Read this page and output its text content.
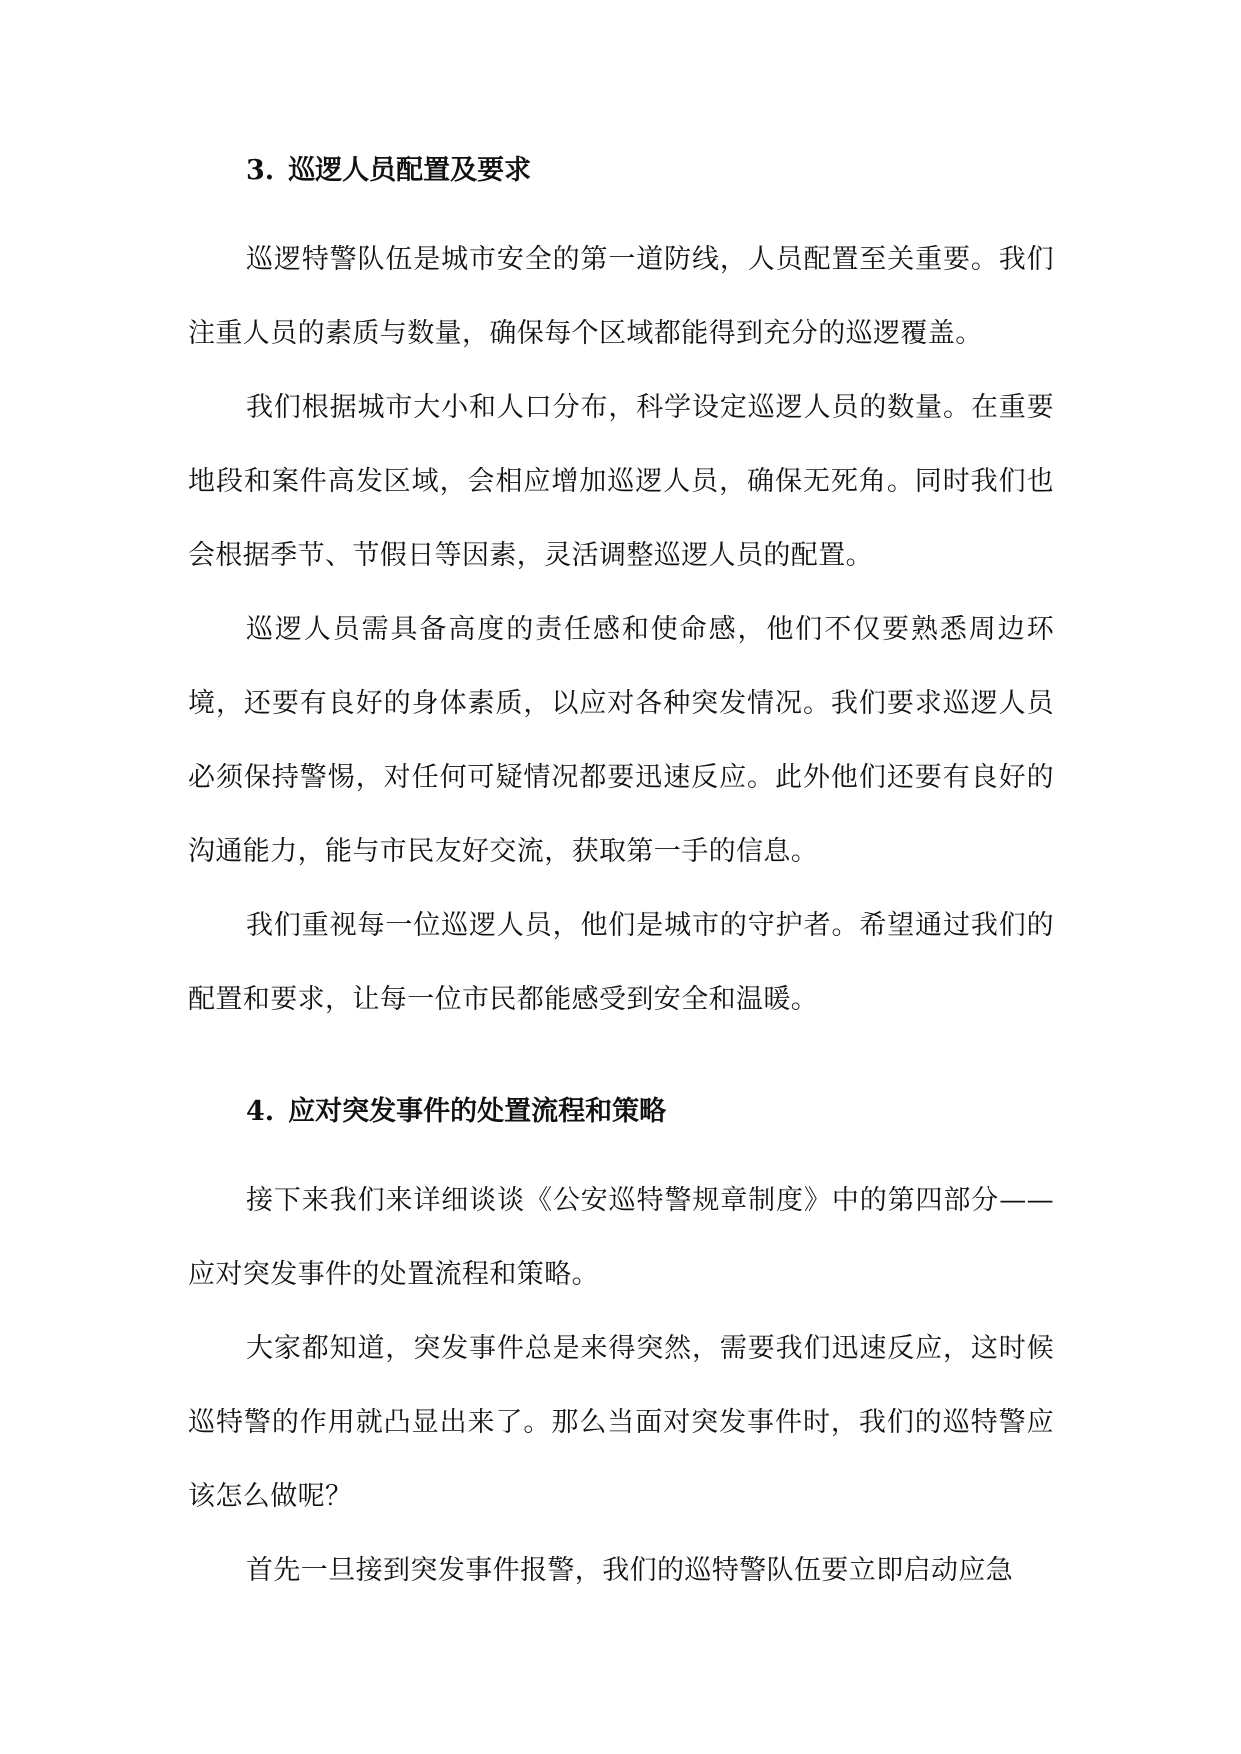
3. 巡逻人员配置及要求

巡逻特警队伍是城市安全的第一道防线，人员配置至关重要。我们注重人员的素质与数量，确保每个区域都能得到充分的巡逻覆盖。

我们根据城市大小和人口分布，科学设定巡逻人员的数量。在重要地段和案件高发区域，会相应增加巡逻人员，确保无死角。同时我们也会根据季节、节假日等因素，灵活调整巡逻人员的配置。

巡逻人员需具备高度的责任感和使命感，他们不仅要熟悉周边环境，还要有良好的身体素质，以应对各种突发情况。我们要求巡逻人员必须保持警惕，对任何可疑情况都要迅速反应。此外他们还要有良好的沟通能力，能与市民友好交流，获取第一手的信息。

我们重视每一位巡逻人员，他们是城市的守护者。希望通过我们的配置和要求，让每一位市民都能感受到安全和温暖。

4. 应对突发事件的处置流程和策略

接下来我们来详细谈谈《公安巡特警规章制度》中的第四部分——应对突发事件的处置流程和策略。

大家都知道，突发事件总是来得突然，需要我们迅速反应，这时候巡特警的作用就凸显出来了。那么当面对突发事件时，我们的巡特警应该怎么做呢？

首先一旦接到突发事件报警，我们的巡特警队伍要立即启动应急
